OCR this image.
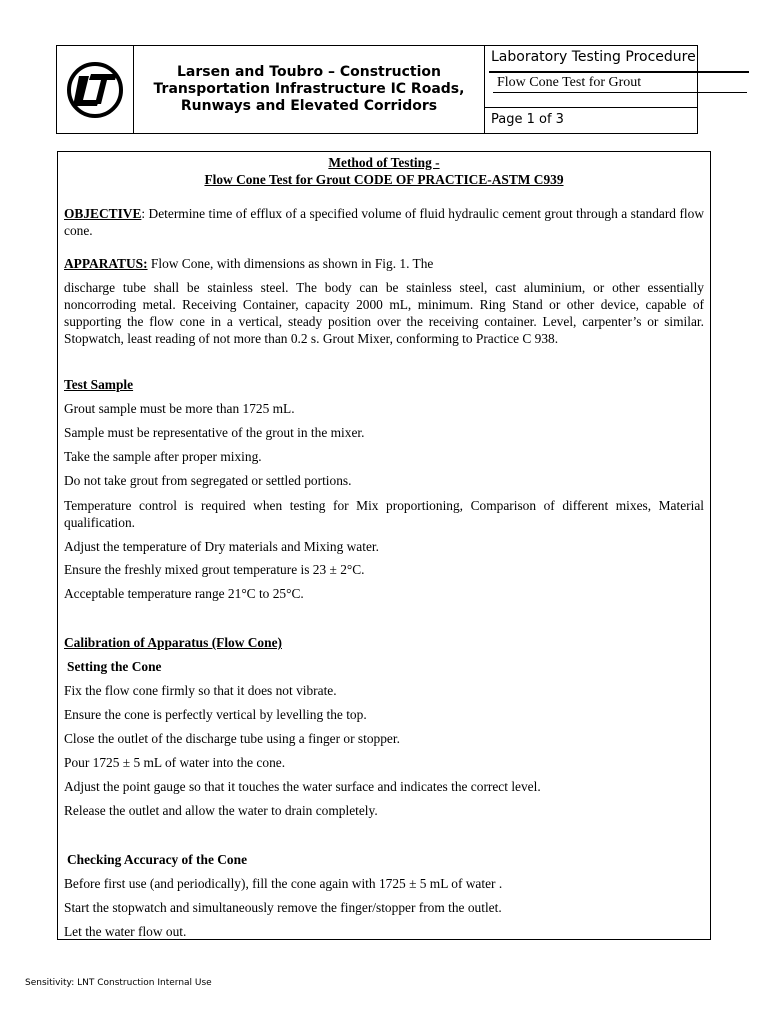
Larsen and Toubro – Construction Transportation Infrastructure IC Roads, Runways and Elevated Corridors
Laboratory Testing Procedure
Flow Cone Test for Grout
Page 1 of 3
Method of Testing -
Flow Cone Test for Grout CODE OF PRACTICE-ASTM C939
OBJECTIVE: Determine time of efflux of a specified volume of fluid hydraulic cement grout through a standard flow cone.
APPARATUS: Flow Cone, with dimensions as shown in Fig. 1. The
discharge tube shall be stainless steel. The body can be stainless steel, cast aluminium, or other essentially noncorroding metal. Receiving Container, capacity 2000 mL, minimum. Ring Stand or other device, capable of supporting the flow cone in a vertical, steady position over the receiving container. Level, carpenter’s or similar. Stopwatch, least reading of not more than 0.2 s. Grout Mixer, conforming to Practice C 938.
Test Sample
Grout sample must be more than 1725 mL.
Sample must be representative of the grout in the mixer.
Take the sample after proper mixing.
Do not take grout from segregated or settled portions.
Temperature control is required when testing for Mix proportioning, Comparison of different mixes, Material qualification.
Adjust the temperature of Dry materials and Mixing water.
Ensure the freshly mixed grout temperature is 23 ± 2°C.
Acceptable temperature range 21°C to 25°C.
Calibration of Apparatus (Flow Cone)
Setting the Cone
Fix the flow cone firmly so that it does not vibrate.
Ensure the cone is perfectly vertical by levelling the top.
Close the outlet of the discharge tube using a finger or stopper.
Pour 1725 ± 5 mL of water into the cone.
Adjust the point gauge so that it touches the water surface and indicates the correct level.
Release the outlet and allow the water to drain completely.
Checking Accuracy of the Cone
Before first use (and periodically), fill the cone again with 1725 ± 5 mL of water .
Start the stopwatch and simultaneously remove the finger/stopper from the outlet.
Let the water flow out.
Sensitivity: LNT Construction Internal Use
